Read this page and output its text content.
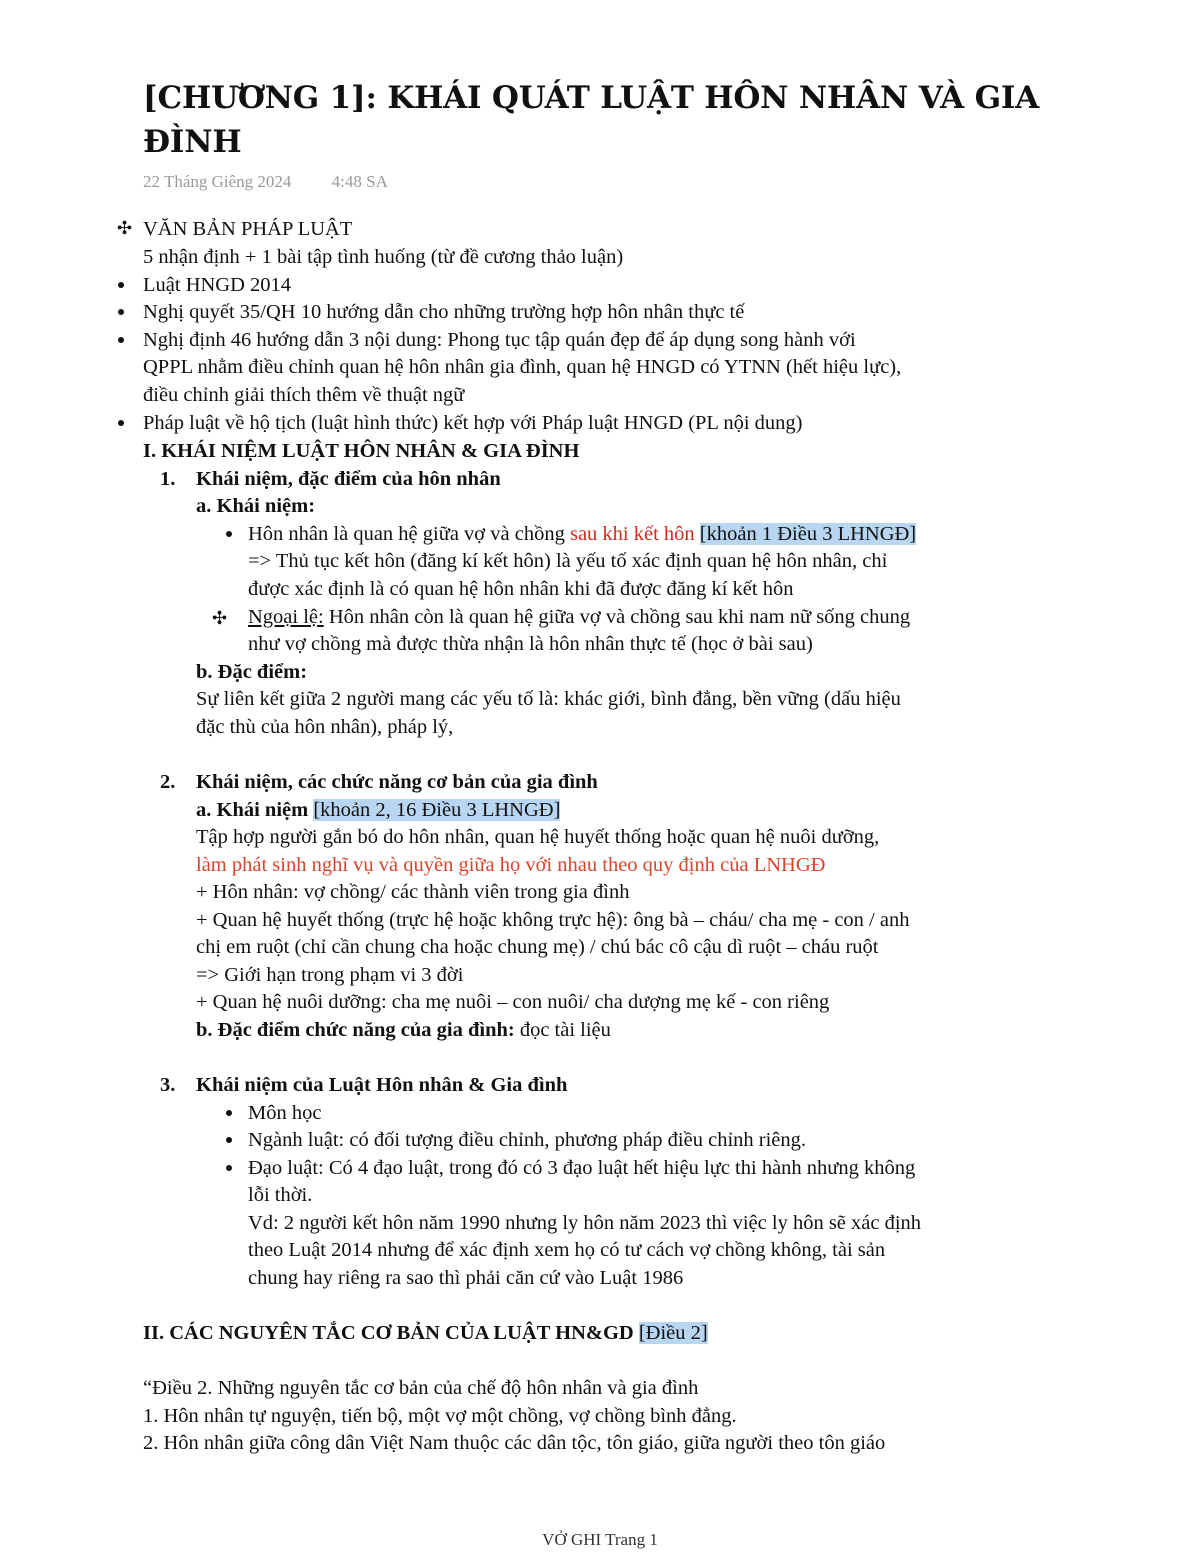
[CHƯƠNG 1]: KHÁI QUÁT LUẬT HÔN NHÂN VÀ GIA ĐÌNH
22 Tháng Giêng 2024 4:48 SA
✣ VĂN BẢN PHÁP LUẬT
5 nhận định + 1 bài tập tình huống (từ đề cương thảo luận)
Luật HNGD 2014
Nghị quyết 35/QH 10 hướng dẫn cho những trường hợp hôn nhân thực tế
Nghị định 46 hướng dẫn 3 nội dung: Phong tục tập quán đẹp để áp dụng song hành với
QPPL nhằm điều chỉnh quan hệ hôn nhân gia đình, quan hệ HNGD có YTNN (hết hiệu lực),
điều chỉnh giải thích thêm về thuật ngữ
Pháp luật về hộ tịch (luật hình thức) kết hợp với Pháp luật HNGD (PL nội dung)
I. KHÁI NIỆM LUẬT HÔN NHÂN & GIA ĐÌNH
1. Khái niệm, đặc điểm của hôn nhân
a. Khái niệm:
Hôn nhân là quan hệ giữa vợ và chồng sau khi kết hôn [khoản 1 Điều 3 LHNGĐ]
=> Thủ tục kết hôn (đăng kí kết hôn) là yếu tố xác định quan hệ hôn nhân, chỉ
được xác định là có quan hệ hôn nhân khi đã được đăng kí kết hôn
✣ Ngoại lệ: Hôn nhân còn là quan hệ giữa vợ và chồng sau khi nam nữ sống chung
như vợ chồng mà được thừa nhận là hôn nhân thực tế (học ở bài sau)
b. Đặc điểm:
Sự liên kết giữa 2 người mang các yếu tố là: khác giới, bình đẳng, bền vững (dấu hiệu
đặc thù của hôn nhân), pháp lý,
2. Khái niệm, các chức năng cơ bản của gia đình
a. Khái niệm [khoản 2, 16 Điều 3 LHNGĐ]
Tập hợp người gắn bó do hôn nhân, quan hệ huyết thống hoặc quan hệ nuôi dưỡng,
làm phát sinh nghĩ vụ và quyền giữa họ với nhau theo quy định của LNHGĐ
+ Hôn nhân: vợ chồng/ các thành viên trong gia đình
+ Quan hệ huyết thống (trực hệ hoặc không trực hệ): ông bà – cháu/ cha mẹ - con / anh
chị em ruột (chỉ cần chung cha hoặc chung mẹ) / chú bác cô cậu dì ruột – cháu ruột
=> Giới hạn trong phạm vi 3 đời
+ Quan hệ nuôi dưỡng: cha mẹ nuôi – con nuôi/ cha dượng mẹ kế - con riêng
b. Đặc điểm chức năng của gia đình: đọc tài liệu
3. Khái niệm của Luật Hôn nhân & Gia đình
Môn học
Ngành luật: có đối tượng điều chỉnh, phương pháp điều chỉnh riêng.
Đạo luật: Có 4 đạo luật, trong đó có 3 đạo luật hết hiệu lực thi hành nhưng không
lỗi thời.
Vd: 2 người kết hôn năm 1990 nhưng ly hôn năm 2023 thì việc ly hôn sẽ xác định
theo Luật 2014 nhưng để xác định xem họ có tư cách vợ chồng không, tài sản
chung hay riêng ra sao thì phải căn cứ vào Luật 1986
II. CÁC NGUYÊN TẮC CƠ BẢN CỦA LUẬT HN&GD [Điều 2]
“Điều 2. Những nguyên tắc cơ bản của chế độ hôn nhân và gia đình
1. Hôn nhân tự nguyện, tiến bộ, một vợ một chồng, vợ chồng bình đẳng.
2. Hôn nhân giữa công dân Việt Nam thuộc các dân tộc, tôn giáo, giữa người theo tôn giáo
VỞ GHI Trang 1
